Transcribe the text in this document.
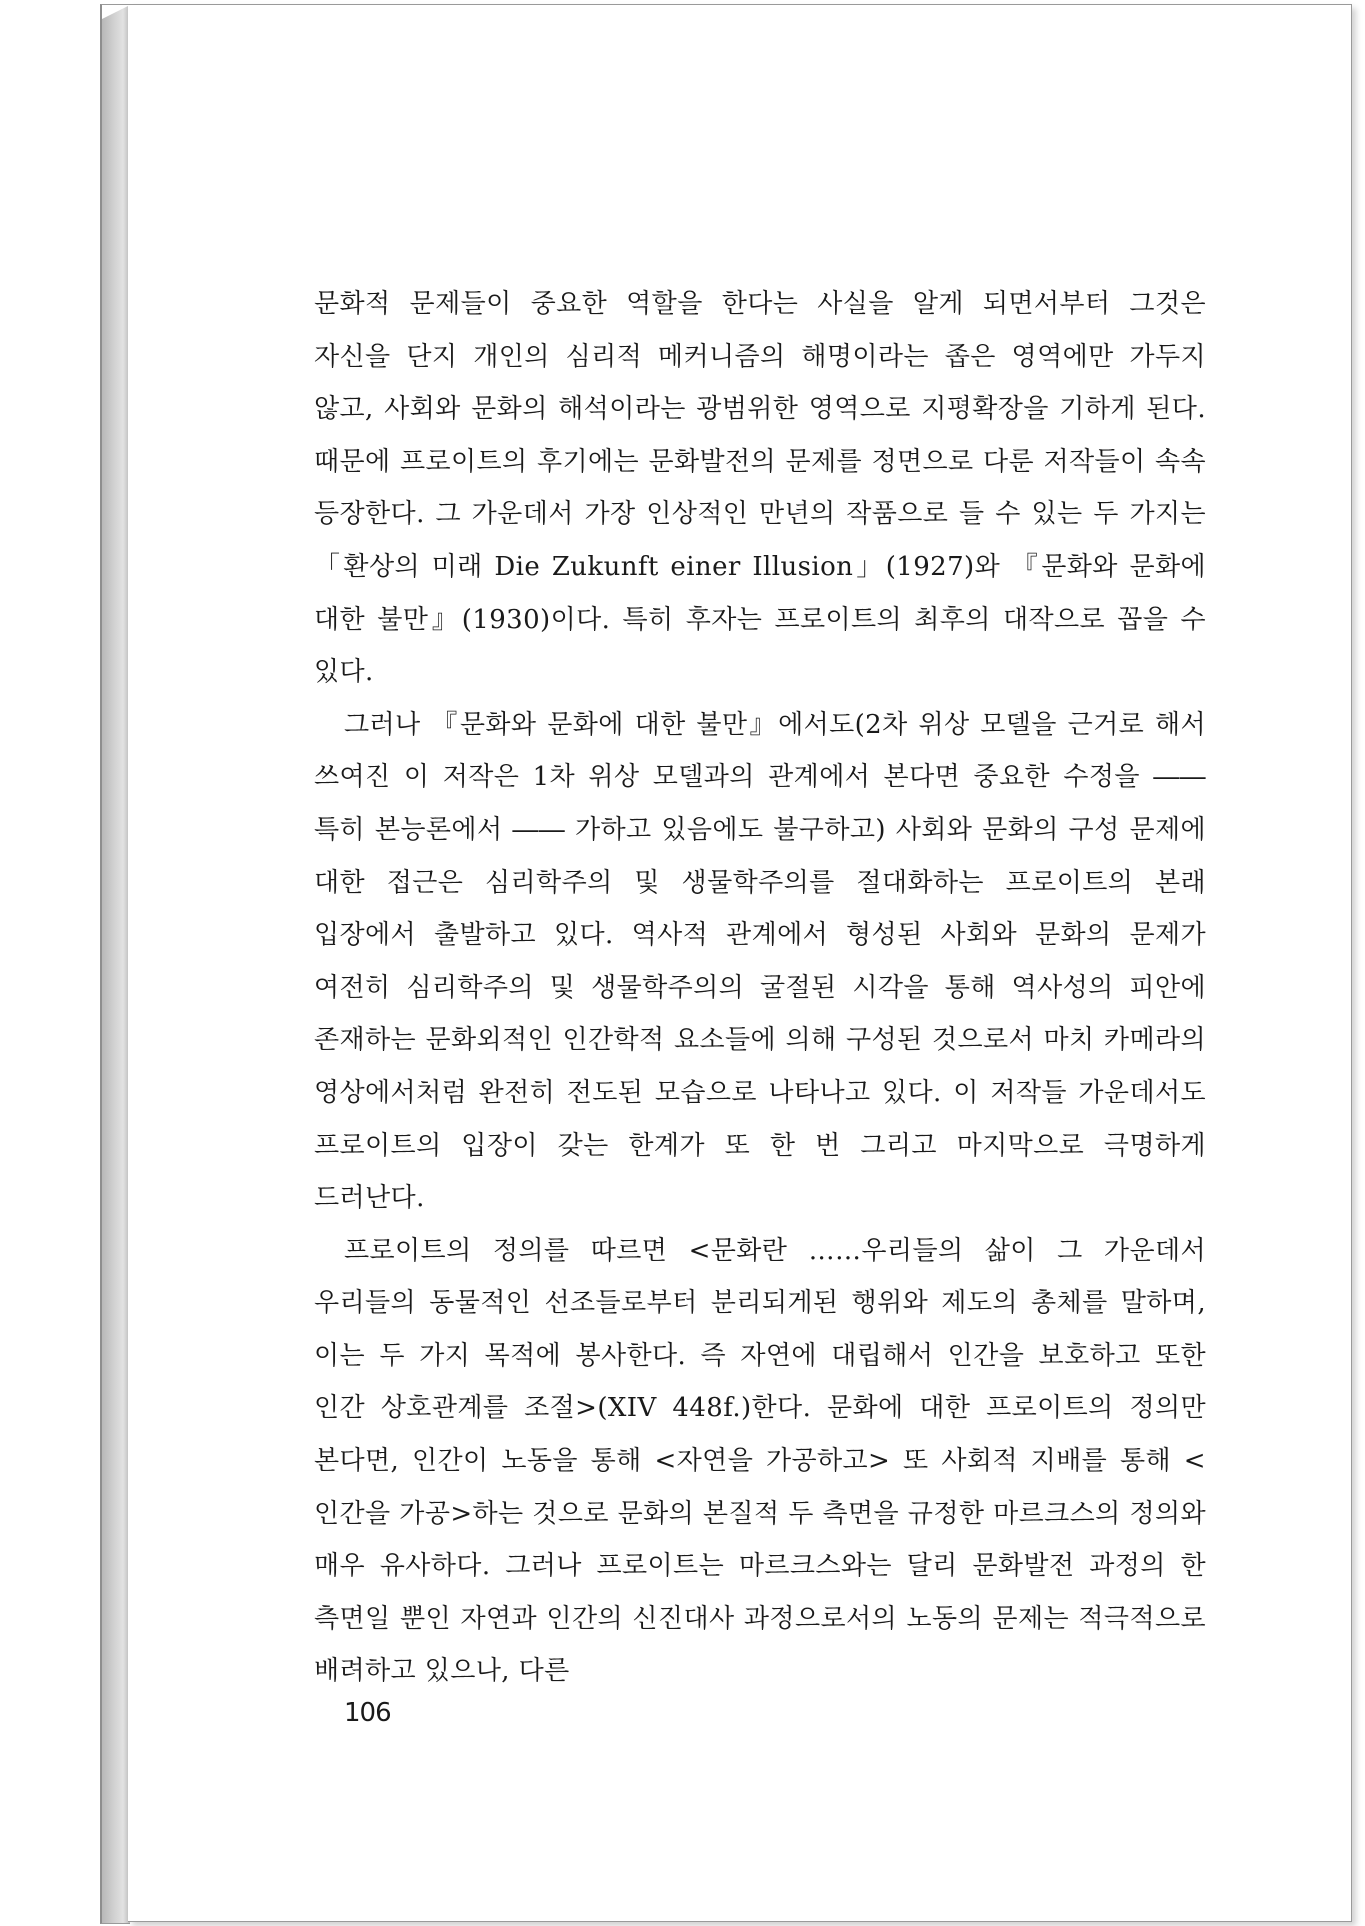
문화적 문제들이 중요한 역할을 한다는 사실을 알게 되면서부터 그것은 자신을 단지 개인의 심리적 메커니즘의 해명이라는 좁은 영역에만 가두지 않고, 사회와 문화의 해석이라는 광범위한 영역으로 지평확장을 기하게 된다. 때문에 프로이트의 후기에는 문화발전의 문제를 정면으로 다룬 저작들이 속속 등장한다. 그 가운데서 가장 인상적인 만년의 작품으로 들 수 있는 두 가지는 「환상의 미래 Die Zukunft einer Illusion」(1927)와 『문화와 문화에 대한 불만』(1930)이다. 특히 후자는 프로이트의 최후의 대작으로 꼽을 수 있다.

그러나 『문화와 문화에 대한 불만』에서도(2차 위상 모델을 근거로 해서 쓰여진 이 저작은 1차 위상 모델과의 관계에서 본다면 중요한 수정을 ―― 특히 본능론에서 ―― 가하고 있음에도 불구하고) 사회와 문화의 구성 문제에 대한 접근은 심리학주의 및 생물학주의를 절대화하는 프로이트의 본래 입장에서 출발하고 있다. 역사적 관계에서 형성된 사회와 문화의 문제가 여전히 심리학주의 및 생물학주의의 굴절된 시각을 통해 역사성의 피안에 존재하는 문화외적인 인간학적 요소들에 의해 구성된 것으로서 마치 카메라의 영상에서처럼 완전히 전도된 모습으로 나타나고 있다. 이 저작들 가운데서도 프로이트의 입장이 갖는 한계가 또 한 번 그리고 마지막으로 극명하게 드러난다.

프로이트의 정의를 따르면 <문화란 ……우리들의 삶이 그 가운데서 우리들의 동물적인 선조들로부터 분리되게된 행위와 제도의 총체를 말하며, 이는 두 가지 목적에 봉사한다. 즉 자연에 대립해서 인간을 보호하고 또한 인간 상호관계를 조절>(XIV 448f.)한다. 문화에 대한 프로이트의 정의만 본다면, 인간이 노동을 통해 <자연을 가공하고> 또 사회적 지배를 통해 <인간을 가공>하는 것으로 문화의 본질적 두 측면을 규정한 마르크스의 정의와 매우 유사하다. 그러나 프로이트는 마르크스와는 달리 문화발전 과정의 한 측면일 뿐인 자연과 인간의 신진대사 과정으로서의 노동의 문제는 적극적으로 배려하고 있으나, 다른

106
